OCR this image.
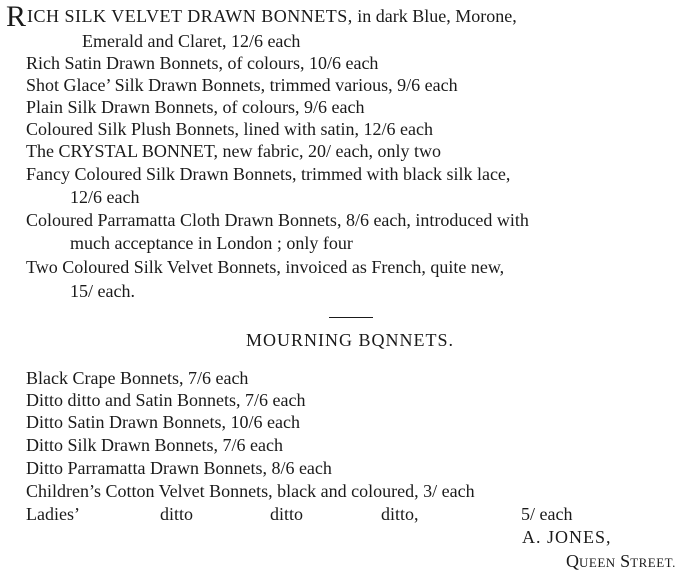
RICH SILK VELVET DRAWN BONNETS, in dark Blue, Morone,
Emerald and Claret, 12/6 each
Rich Satin Drawn Bonnets, of colours, 10/6 each
Shot Glace’ Silk Drawn Bonnets, trimmed various, 9/6 each
Plain Silk Drawn Bonnets, of colours, 9/6 each
Coloured Silk Plush Bonnets, lined with satin, 12/6 each
The CRYSTAL BONNET, new fabric, 20/ each, only two
Fancy Coloured Silk Drawn Bonnets, trimmed with black silk lace,
12/6 each
Coloured Parramatta Cloth Drawn Bonnets, 8/6 each, introduced with
much acceptance in London ; only four
Two Coloured Silk Velvet Bonnets, invoiced as French, quite new,
15/ each.
MOURNING BQNNETS.
Black Crape Bonnets, 7/6 each
Ditto ditto and Satin Bonnets, 7/6 each
Ditto Satin Drawn Bonnets, 10/6 each
Ditto Silk Drawn Bonnets, 7/6 each
Ditto Parramatta Drawn Bonnets, 8/6 each
Children’s Cotton Velvet Bonnets, black and coloured, 3/ each
Ladies’	ditto	ditto	ditto,	5/ each
A. JONES,
QUEEN STREET.
